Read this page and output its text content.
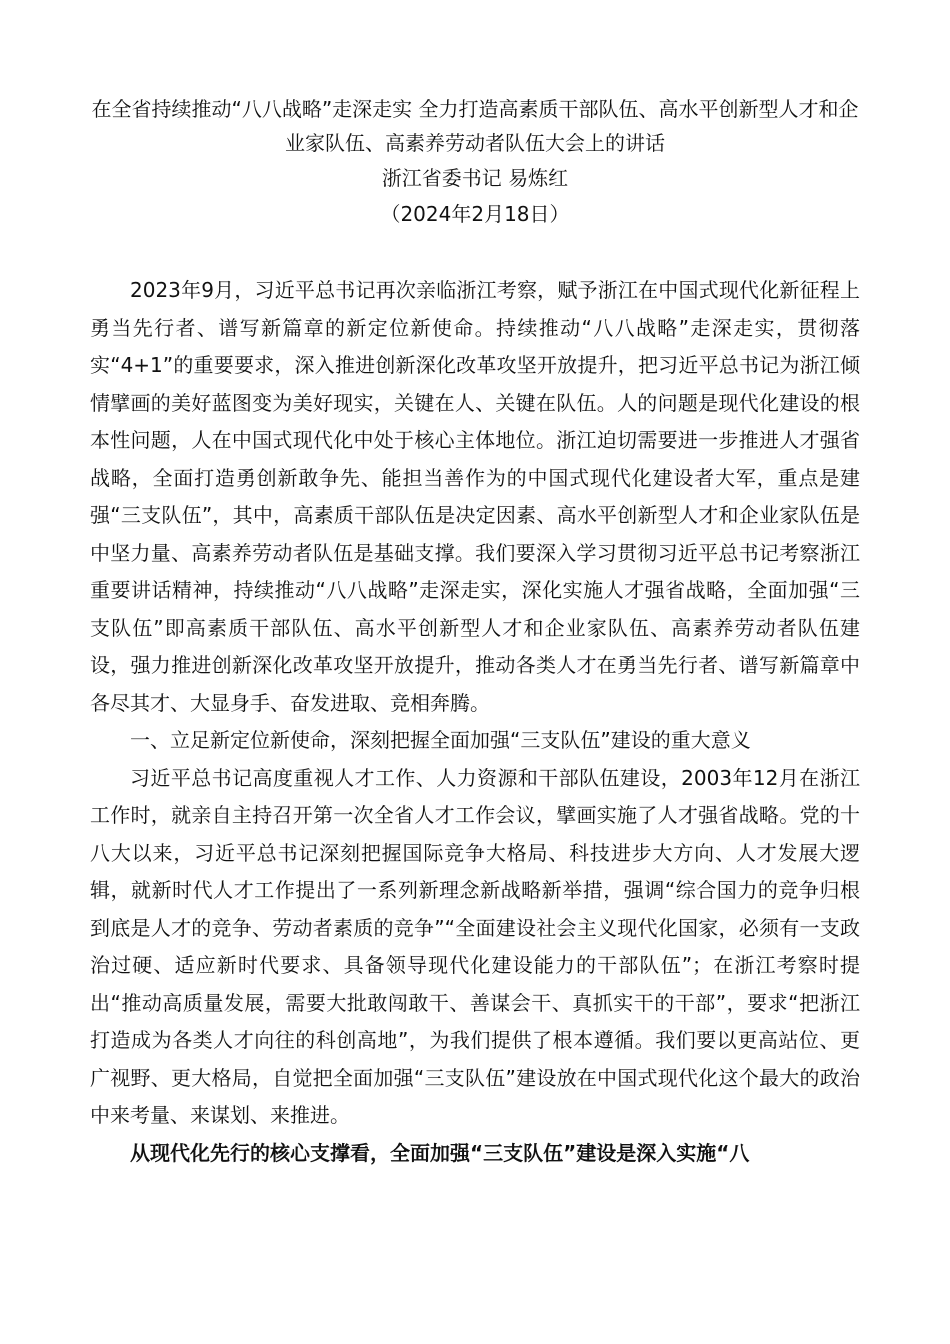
在全省持续推动“八八战略”走深走实 全力打造高素质干部队伍、高水平创新型人才和企业家队伍、高素养劳动者队伍大会上的讲话

浙江省委书记 易炼红

（2024年2月18日）

2023年9月，习近平总书记再次亲临浙江考察，赋予浙江在中国式现代化新征程上勇当先行者、谱写新篇章的新定位新使命。持续推动“八八战略”走深走实，贯彻落实“4+1”的重要要求，深入推进创新深化改革攻坚开放提升，把习近平总书记为浙江倾情擘画的美好蓝图变为美好现实，关键在人、关键在队伍。人的问题是现代化建设的根本性问题，人在中国式现代化中处于核心主体地位。浙江迫切需要进一步推进人才强省战略，全面打造勇创新敢争先、能担当善作为的中国式现代化建设者大军，重点是建强“三支队伍”，其中，高素质干部队伍是决定因素、高水平创新型人才和企业家队伍是中坚力量、高素养劳动者队伍是基础支撑。我们要深入学习贯彻习近平总书记考察浙江重要讲话精神，持续推动“八八战略”走深走实，深化实施人才强省战略，全面加强“三支队伍”即高素质干部队伍、高水平创新型人才和企业家队伍、高素养劳动者队伍建设，强力推进创新深化改革攻坚开放提升，推动各类人才在勇当先行者、谱写新篇章中各尽其才、大显身手、奋发进取、竞相奔腾。

一、立足新定位新使命，深刻把握全面加强“三支队伍”建设的重大意义

习近平总书记高度重视人才工作、人力资源和干部队伍建设，2003年12月在浙江工作时，就亲自主持召开第一次全省人才工作会议，擘画实施了人才强省战略。党的十八大以来，习近平总书记深刻把握国际竞争大格局、科技进步大方向、人才发展大逻辑，就新时代人才工作提出了一系列新理念新战略新举措，强调“综合国力的竞争归根到底是人才的竞争、劳动者素质的竞争”“全面建设社会主义现代化国家，必须有一支政治过硬、适应新时代要求、具备领导现代化建设能力的干部队伍”；在浙江考察时提出“推动高质量发展，需要大批敢闯敢干、善谋会干、真抓实干的干部”，要求“把浙江打造成为各类人才向往的科创高地”，为我们提供了根本遵循。我们要以更高站位、更广视野、更大格局，自觉把全面加强“三支队伍”建设放在中国式现代化这个最大的政治中来考量、来谋划、来推进。

从现代化先行的核心支撑看，全面加强“三支队伍”建设是深入实施“八
